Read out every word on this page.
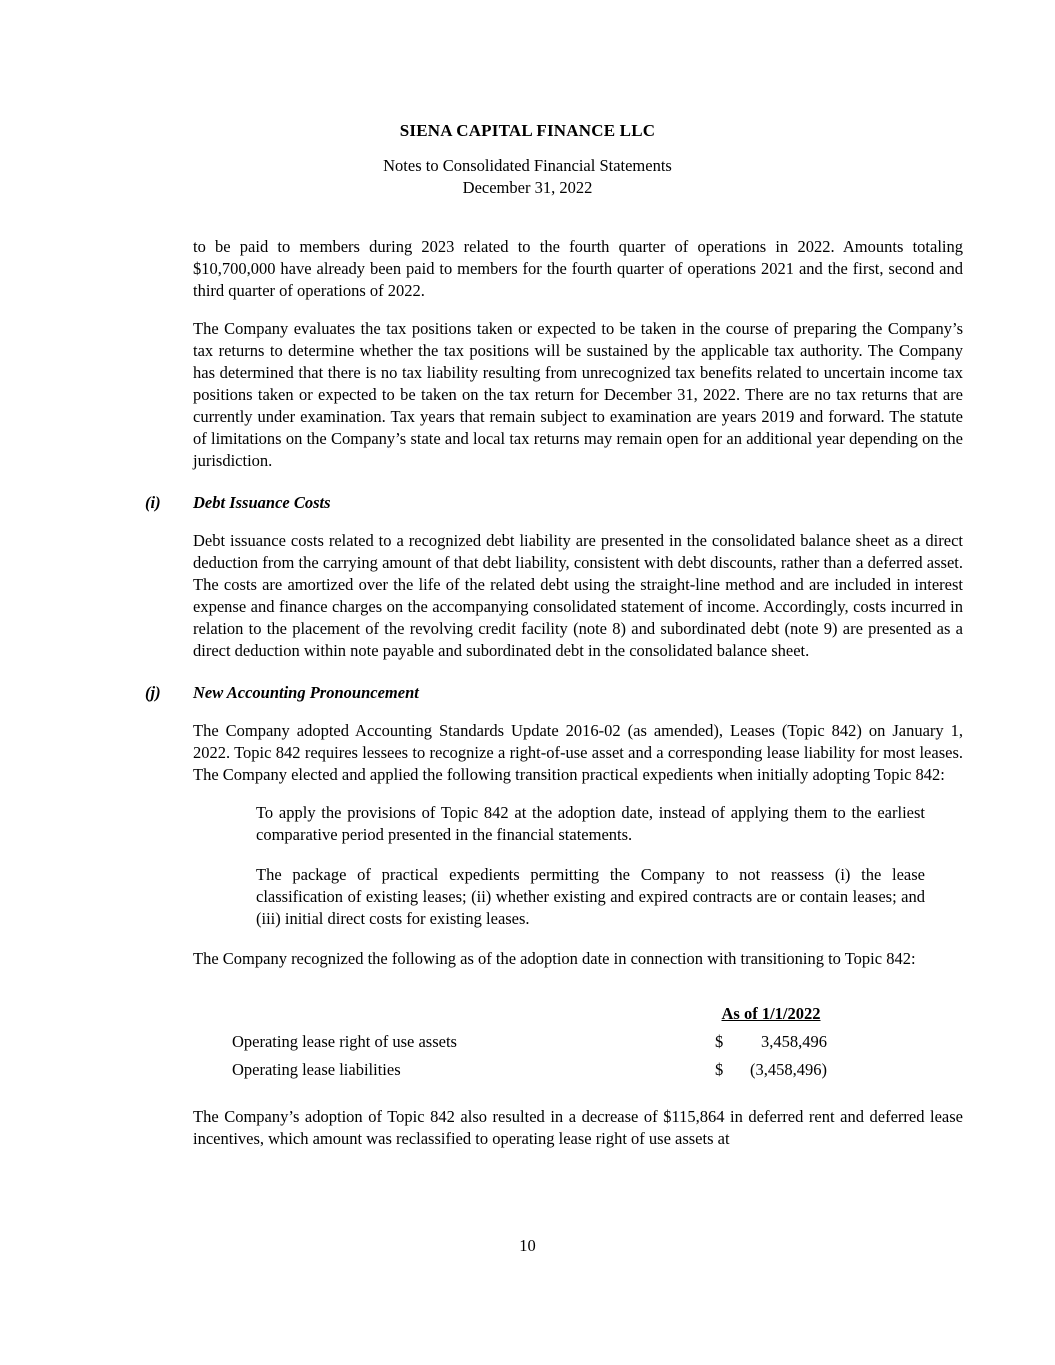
SIENA CAPITAL FINANCE LLC
Notes to Consolidated Financial Statements
December 31, 2022

to be paid to members during 2023 related to the fourth quarter of operations in 2022. Amounts totaling $10,700,000 have already been paid to members for the fourth quarter of operations 2021 and the first, second and third quarter of operations of 2022.

The Company evaluates the tax positions taken or expected to be taken in the course of preparing the Company’s tax returns to determine whether the tax positions will be sustained by the applicable tax authority. The Company has determined that there is no tax liability resulting from unrecognized tax benefits related to uncertain income tax positions taken or expected to be taken on the tax return for December 31, 2022. There are no tax returns that are currently under examination. Tax years that remain subject to examination are years 2019 and forward. The statute of limitations on the Company’s state and local tax returns may remain open for an additional year depending on the jurisdiction.

(i) Debt Issuance Costs

Debt issuance costs related to a recognized debt liability are presented in the consolidated balance sheet as a direct deduction from the carrying amount of that debt liability, consistent with debt discounts, rather than a deferred asset. The costs are amortized over the life of the related debt using the straight-line method and are included in interest expense and finance charges on the accompanying consolidated statement of income. Accordingly, costs incurred in relation to the placement of the revolving credit facility (note 8) and subordinated debt (note 9) are presented as a direct deduction within note payable and subordinated debt in the consolidated balance sheet.

(j) New Accounting Pronouncement

The Company adopted Accounting Standards Update 2016-02 (as amended), Leases (Topic 842) on January 1, 2022. Topic 842 requires lessees to recognize a right-of-use asset and a corresponding lease liability for most leases. The Company elected and applied the following transition practical expedients when initially adopting Topic 842:

To apply the provisions of Topic 842 at the adoption date, instead of applying them to the earliest comparative period presented in the financial statements.

The package of practical expedients permitting the Company to not reassess (i) the lease classification of existing leases; (ii) whether existing and expired contracts are or contain leases; and (iii) initial direct costs for existing leases.

The Company recognized the following as of the adoption date in connection with transitioning to Topic 842:

As of 1/1/2022
Operating lease right of use assets	$ 3,458,496
Operating lease liabilities	$ (3,458,496)

The Company’s adoption of Topic 842 also resulted in a decrease of $115,864 in deferred rent and deferred lease incentives, which amount was reclassified to operating lease right of use assets at

10
